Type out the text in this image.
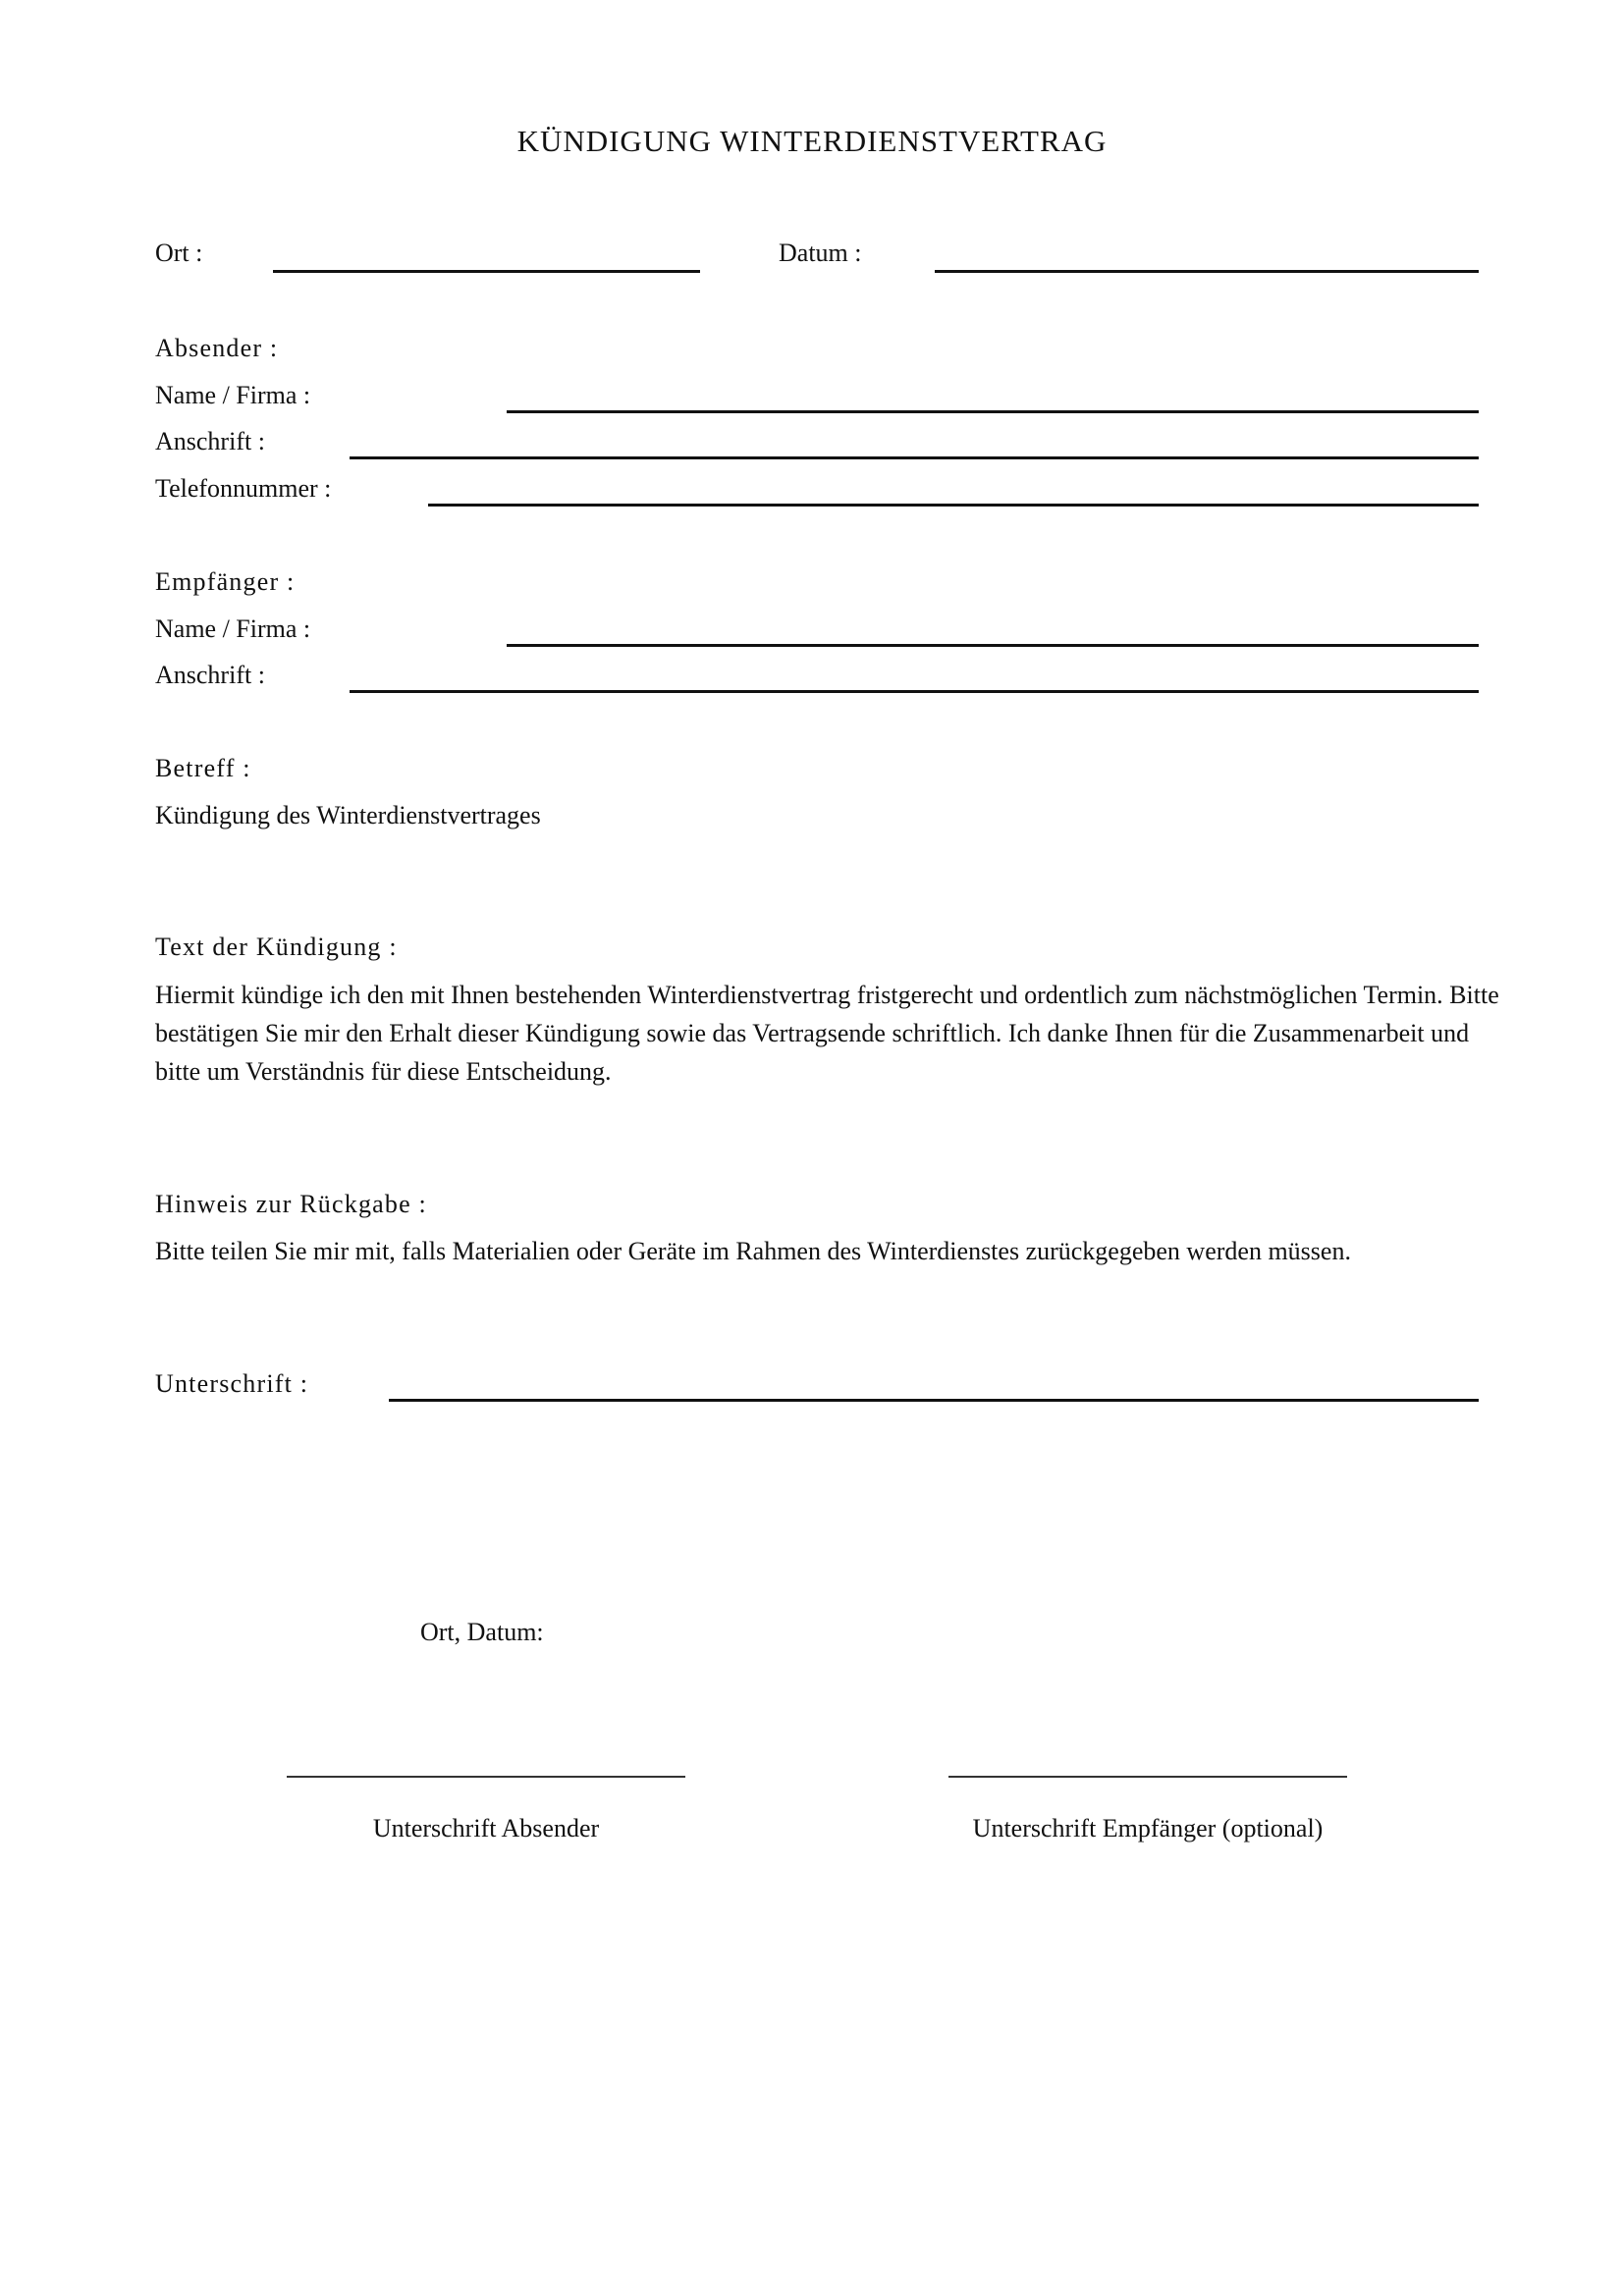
KÜNDIGUNG WINTERDIENSTVERTRAG
Ort :	Datum :
Absender :
Name / Firma :
Anschrift :
Telefonnummer :
Empfänger :
Name / Firma :
Anschrift :
Betreff :
Kündigung des Winterdienstvertrages
Text der Kündigung :
Hiermit kündige ich den mit Ihnen bestehenden Winterdienstvertrag fristgerecht und ordentlich zum nächstmöglichen Termin. Bitte bestätigen Sie mir den Erhalt dieser Kündigung sowie das Vertragsende schriftlich. Ich danke Ihnen für die Zusammenarbeit und bitte um Verständnis für diese Entscheidung.
Hinweis zur Rückgabe :
Bitte teilen Sie mir mit, falls Materialien oder Geräte im Rahmen des Winterdienstes zurückgegeben werden müssen.
Unterschrift :
Ort, Datum:
Unterschrift Absender	Unterschrift Empfänger (optional)
